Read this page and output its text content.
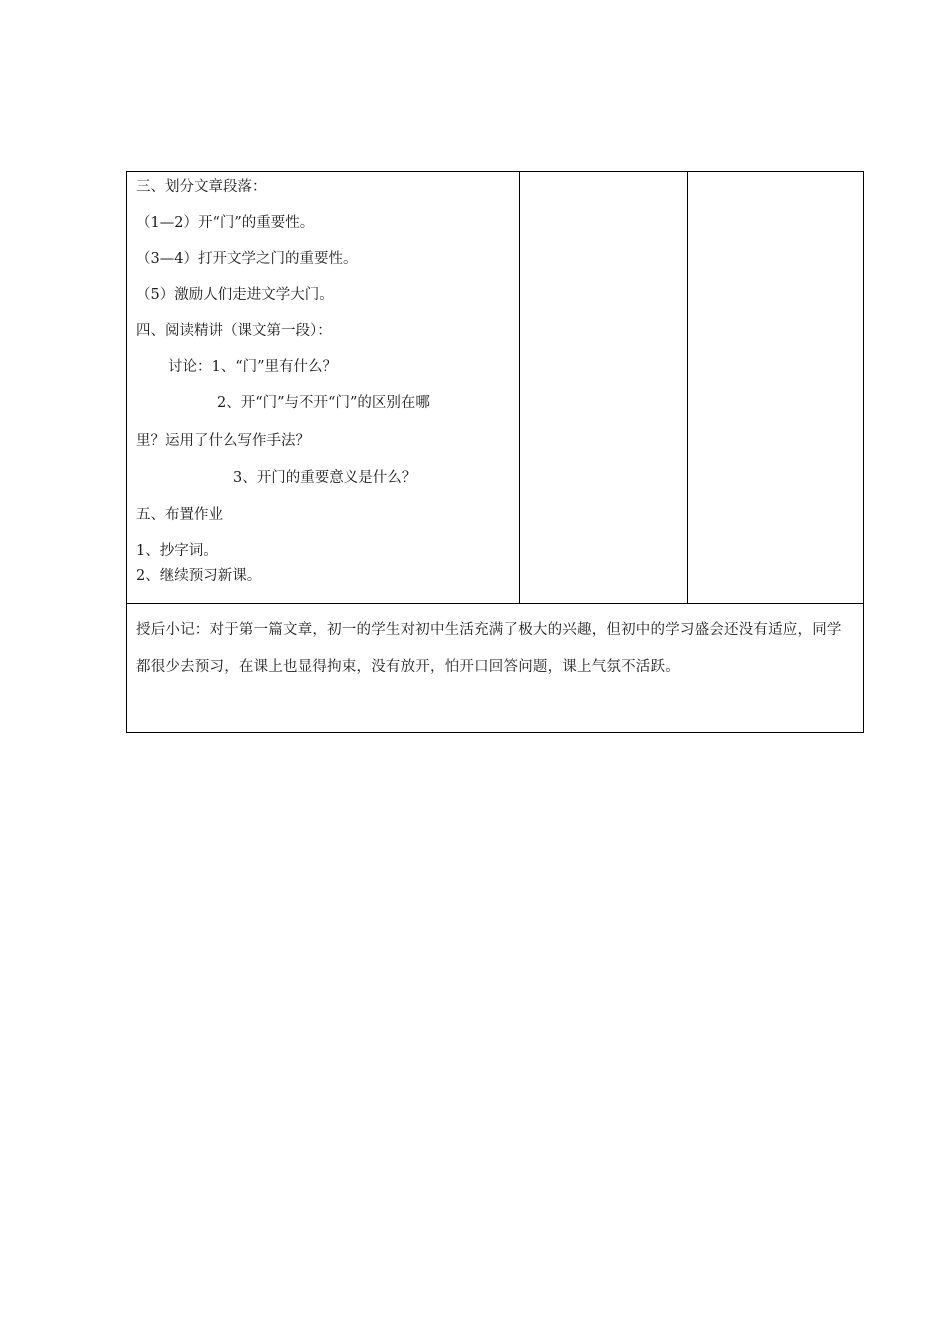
三、划分文章段落：
（1—2）开“门”的重要性。
（3—4）打开文学之门的重要性。
（5）激励人们走进文学大门。
四、阅读精讲（课文第一段）：
讨论：1、“门”里有什么？
2、开“门”与不开“门”的区别在哪
里？运用了什么写作手法？
3、开门的重要意义是什么？
五、布置作业
1、抄字词。
2、继续预习新课。

授后小记：对于第一篇文章，初一的学生对初中生活充满了极大的兴趣，但初中的学习盛会还没有适应，同学都很少去预习，在课上也显得拘束，没有放开，怕开口回答问题，课上气氛不活跃。
